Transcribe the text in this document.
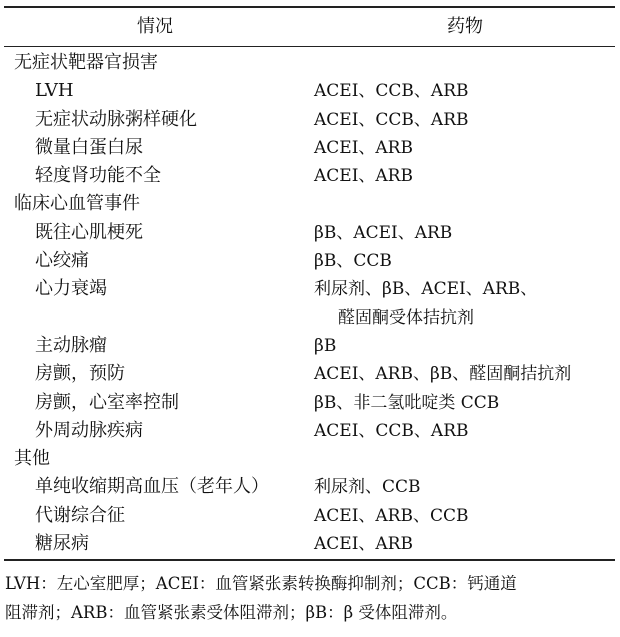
情况	药物
无症状靶器官损害
LVH	ACEI、CCB、ARB
无症状动脉粥样硬化	ACEI、CCB、ARB
微量白蛋白尿	ACEI、ARB
轻度肾功能不全	ACEI、ARB
临床心血管事件
既往心肌梗死	βB、ACEI、ARB
心绞痛	βB、CCB
心力衰竭	利尿剂、βB、ACEI、ARB、
醛固酮受体拮抗剂
主动脉瘤	βB
房颤，预防	ACEI、ARB、βB、醛固酮拮抗剂
房颤，心室率控制	βB、非二氢吡啶类 CCB
外周动脉疾病	ACEI、CCB、ARB
其他
单纯收缩期高血压（老年人）	利尿剂、CCB
代谢综合征	ACEI、ARB、CCB
糖尿病	ACEI、ARB

LVH：左心室肥厚；ACEI：血管紧张素转换酶抑制剂；CCB：钙通道

阻滞剂；ARB：血管紧张素受体阻滞剂；βB：β 受体阻滞剂。
